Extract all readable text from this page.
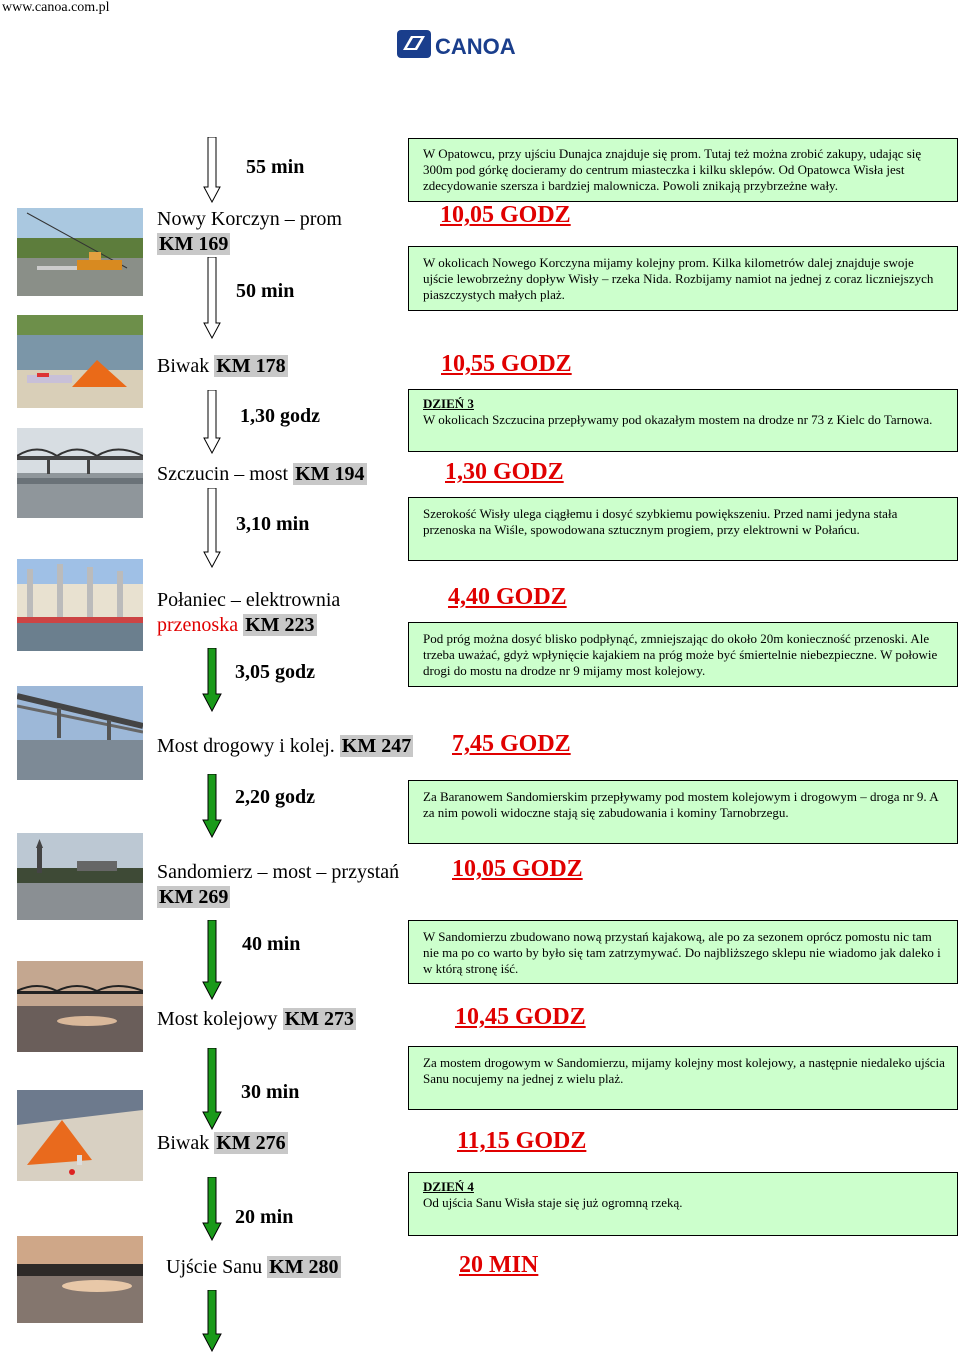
www.canoa.com.pl
CANOA
55 min
50 min
1,30 godz
3,10 min
3,05 godz
2,20 godz
40 min
30 min
20 min
Nowy Korczyn – prom
KM 169
Biwak KM 178
Szczucin – most KM 194
Połaniec – elektrownia
przenoska KM 223
Most drogowy i kolej. KM 247
Sandomierz – most – przystań
KM 269
Most kolejowy KM 273
Biwak KM 276
Ujście Sanu KM 280
10,05 GODZ
10,55 GODZ
1,30 GODZ
4,40 GODZ
7,45 GODZ
10,05 GODZ
10,45 GODZ
11,15 GODZ
20 MIN
W Opatowcu, przy ujściu Dunajca znajduje się prom. Tutaj też można zrobić zakupy, udając się 300m pod górkę docieramy do centrum miasteczka i kilku sklepów. Od Opatowca Wisła jest zdecydowanie szersza i bardziej malownicza. Powoli znikają przybrzeżne wały.
W okolicach Nowego Korczyna mijamy kolejny prom. Kilka kilometrów dalej znajduje swoje ujście lewobrzeżny dopływ Wisły – rzeka Nida. Rozbijamy namiot na jednej z coraz liczniejszych piaszczystych małych plaż.
DZIEŃ 3
W okolicach Szczucina przepływamy pod okazałym mostem na drodze nr 73 z Kielc do Tarnowa.
Szerokość Wisły ulega ciągłemu i dosyć szybkiemu powiększeniu. Przed nami jedyna stała przenoska na Wiśle, spowodowana sztucznym progiem, przy elektrowni w Połańcu.
Pod próg można dosyć blisko podpłynąć, zmniejszając do około 20m konieczność przenoski. Ale trzeba uważać, gdyż wpłynięcie kajakiem na próg może być śmiertelnie niebezpieczne. W połowie drogi do mostu na drodze nr 9 mijamy most kolejowy.
Za Baranowem Sandomierskim przepływamy pod mostem kolejowym i drogowym – droga nr 9. A za nim powoli widoczne stają się zabudowania i kominy Tarnobrzegu.
W Sandomierzu zbudowano nową przystań kajakową, ale po za sezonem oprócz pomostu nic tam nie ma po co warto by było się tam zatrzymywać. Do najbliższego sklepu nie wiadomo jak daleko i w którą stronę iść.
Za mostem drogowym w Sandomierzu, mijamy kolejny most kolejowy, a następnie niedaleko ujścia Sanu nocujemy na jednej z wielu plaż.
DZIEŃ 4
Od ujścia Sanu Wisła staje się już ogromną rzeką.
